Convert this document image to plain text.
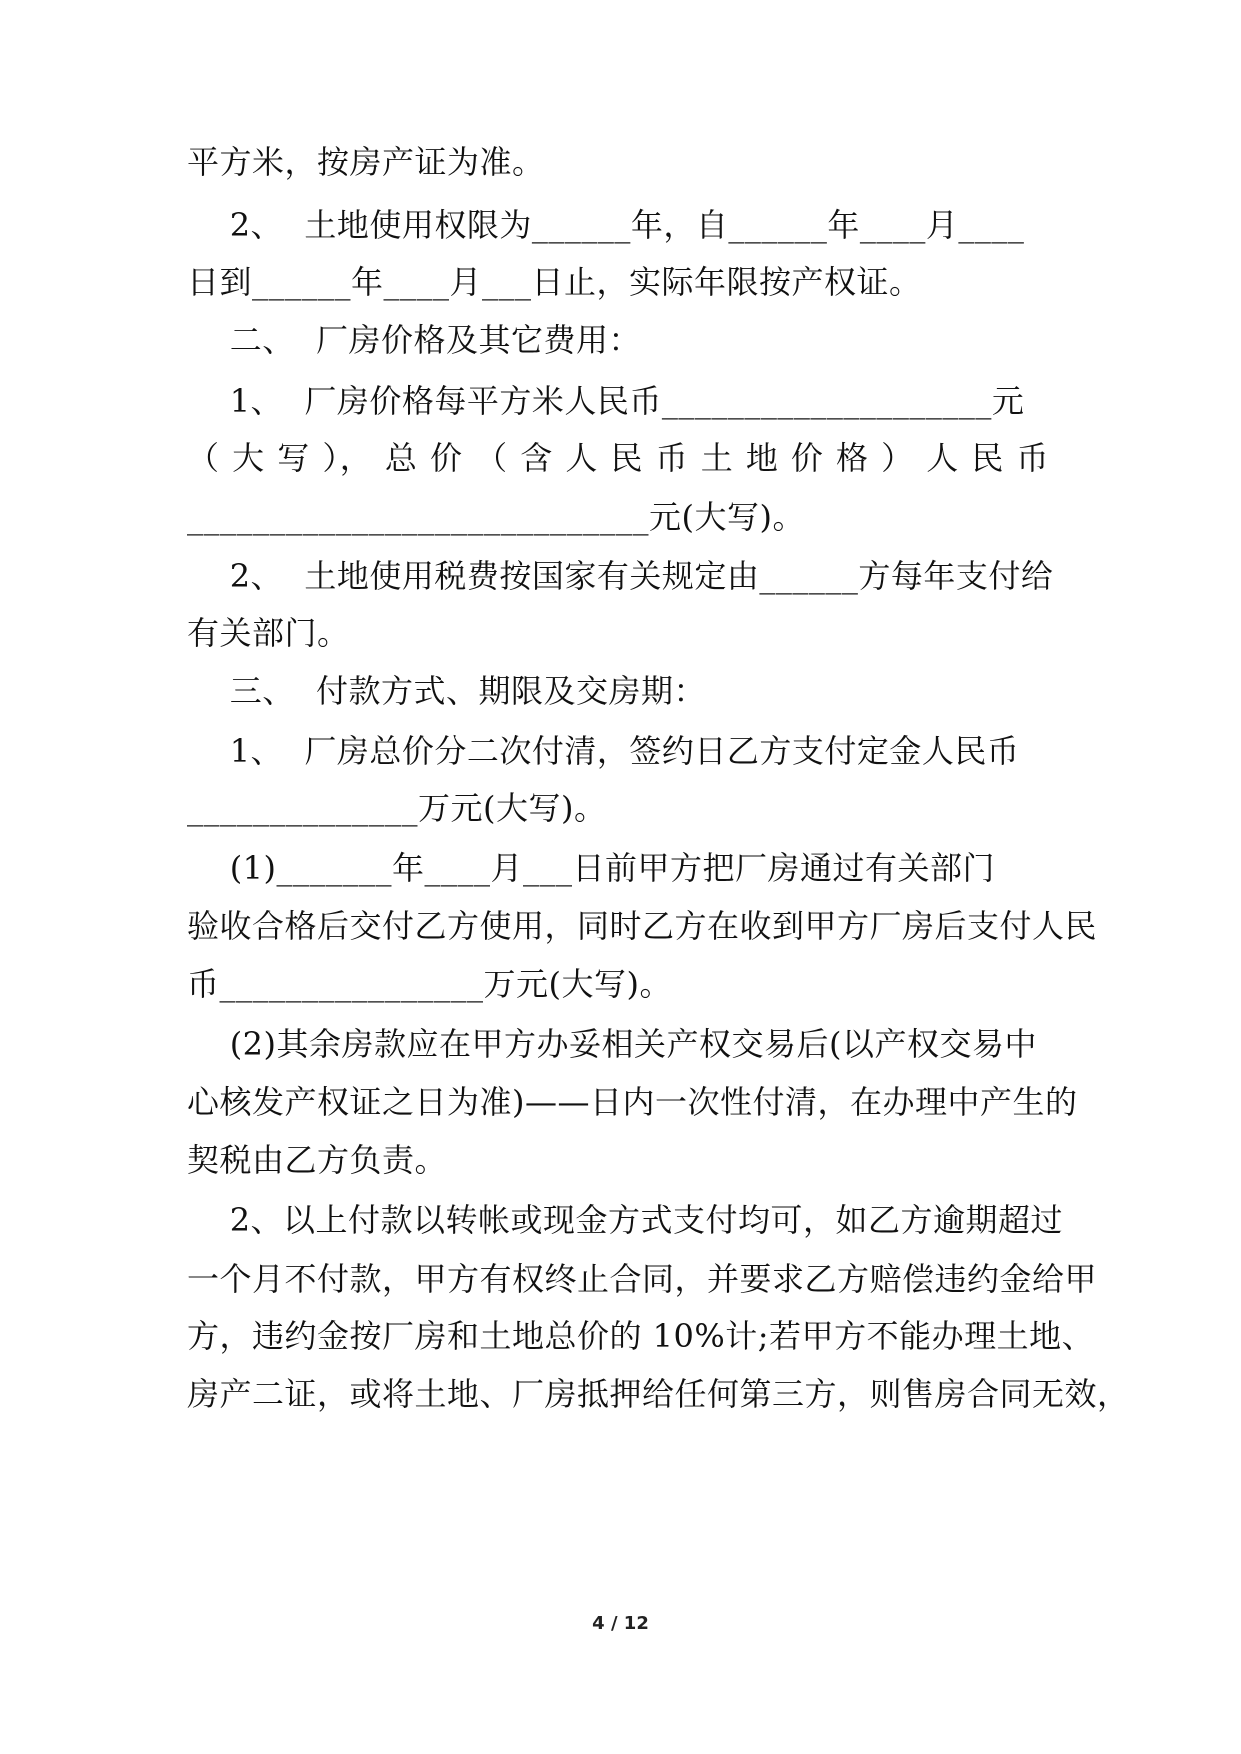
平方米，按房产证为准。
2、  土地使用权限为______年，自______年____月____
日到______年____月___日止，实际年限按产权证。
二、  厂房价格及其它费用：
1、  厂房价格每平方米人民币____________________元
（ 大 写 ）， 总 价 （ 含 人 民 币 土 地 价 格 ） 人 民 币
____________________________元(大写)。
2、  土地使用税费按国家有关规定由______方每年支付给
有关部门。
三、  付款方式、期限及交房期：
1、  厂房总价分二次付清，签约日乙方支付定金人民币
______________万元(大写)。
(1)_______年____月___日前甲方把厂房通过有关部门
验收合格后交付乙方使用，同时乙方在收到甲方厂房后支付人民
币________________万元(大写)。
(2)其余房款应在甲方办妥相关产权交易后(以产权交易中
心核发产权证之日为准)——日内一次性付清，在办理中产生的
契税由乙方负责。
2、以上付款以转帐或现金方式支付均可，如乙方逾期超过
一个月不付款，甲方有权终止合同，并要求乙方赔偿违约金给甲
方，违约金按厂房和土地总价的 10%计;若甲方不能办理土地、
房产二证，或将土地、厂房抵押给任何第三方，则售房合同无效，
4 / 12
